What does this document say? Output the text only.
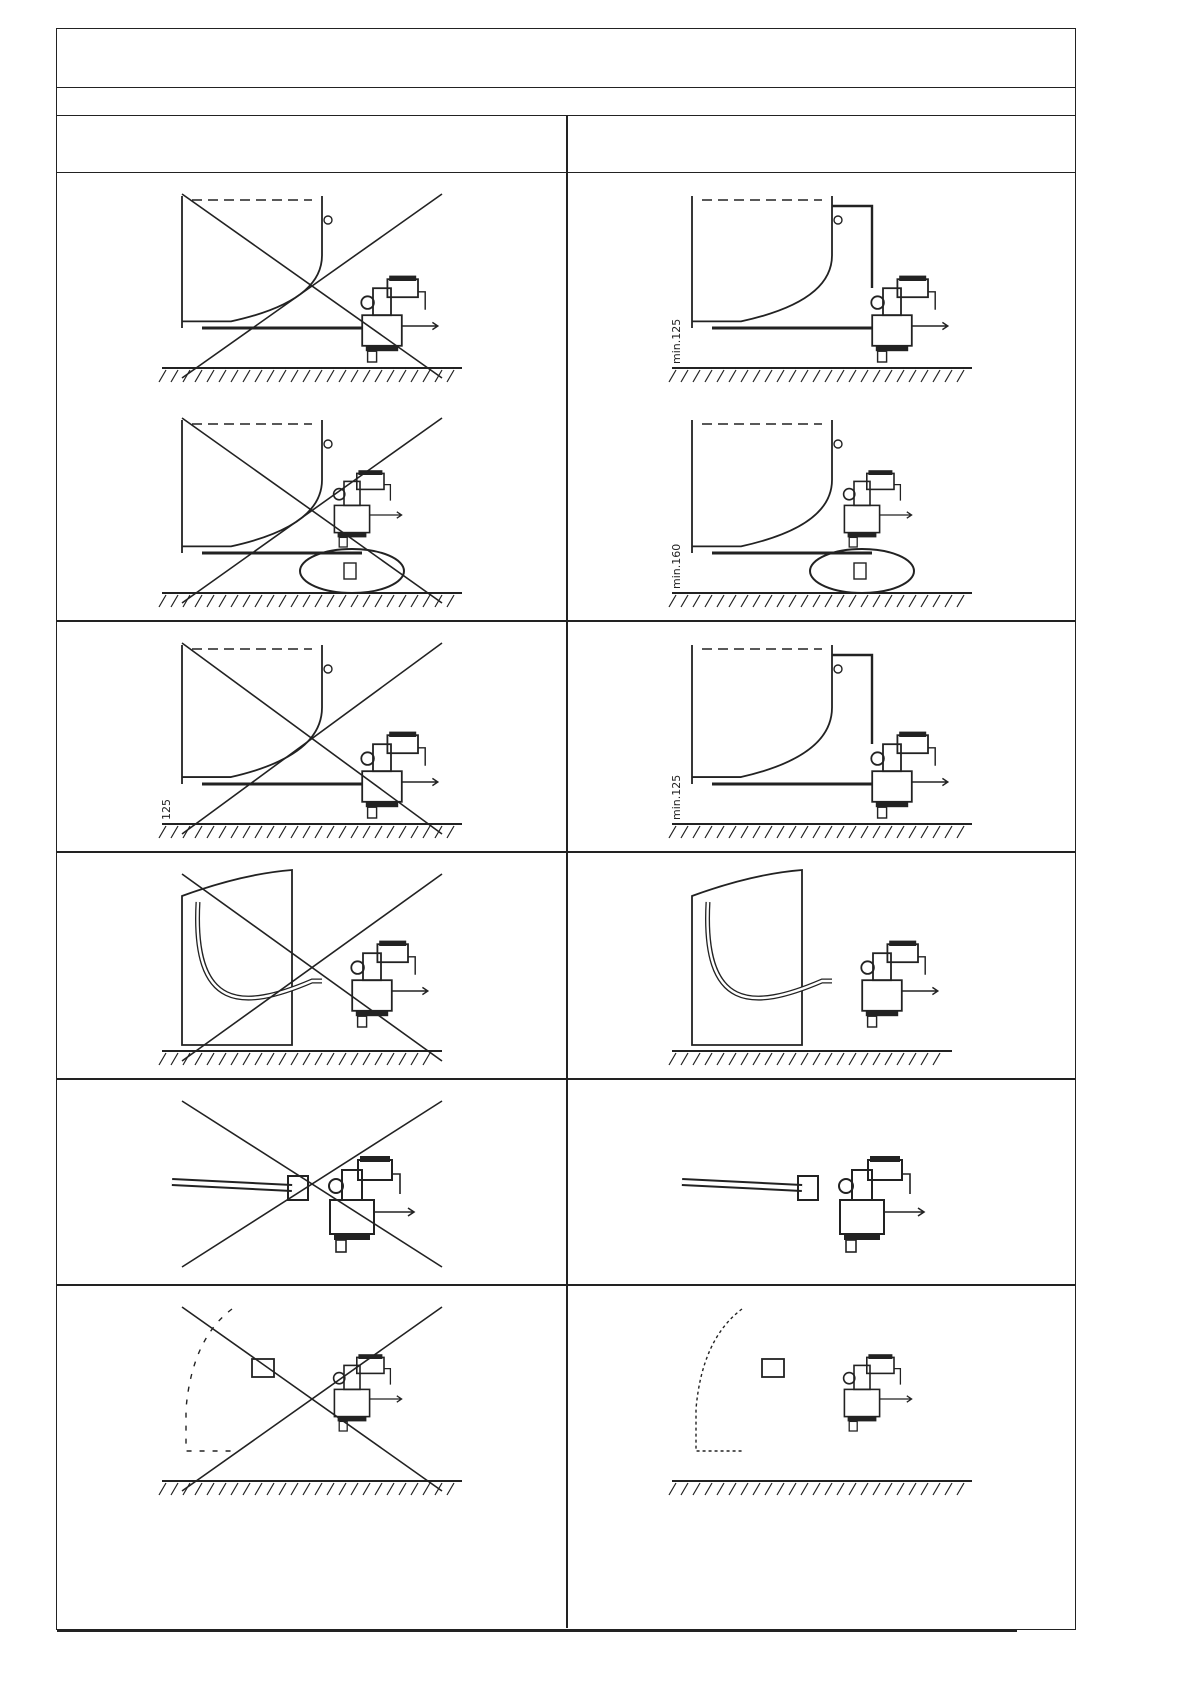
min.125
min.160
125	min.125
